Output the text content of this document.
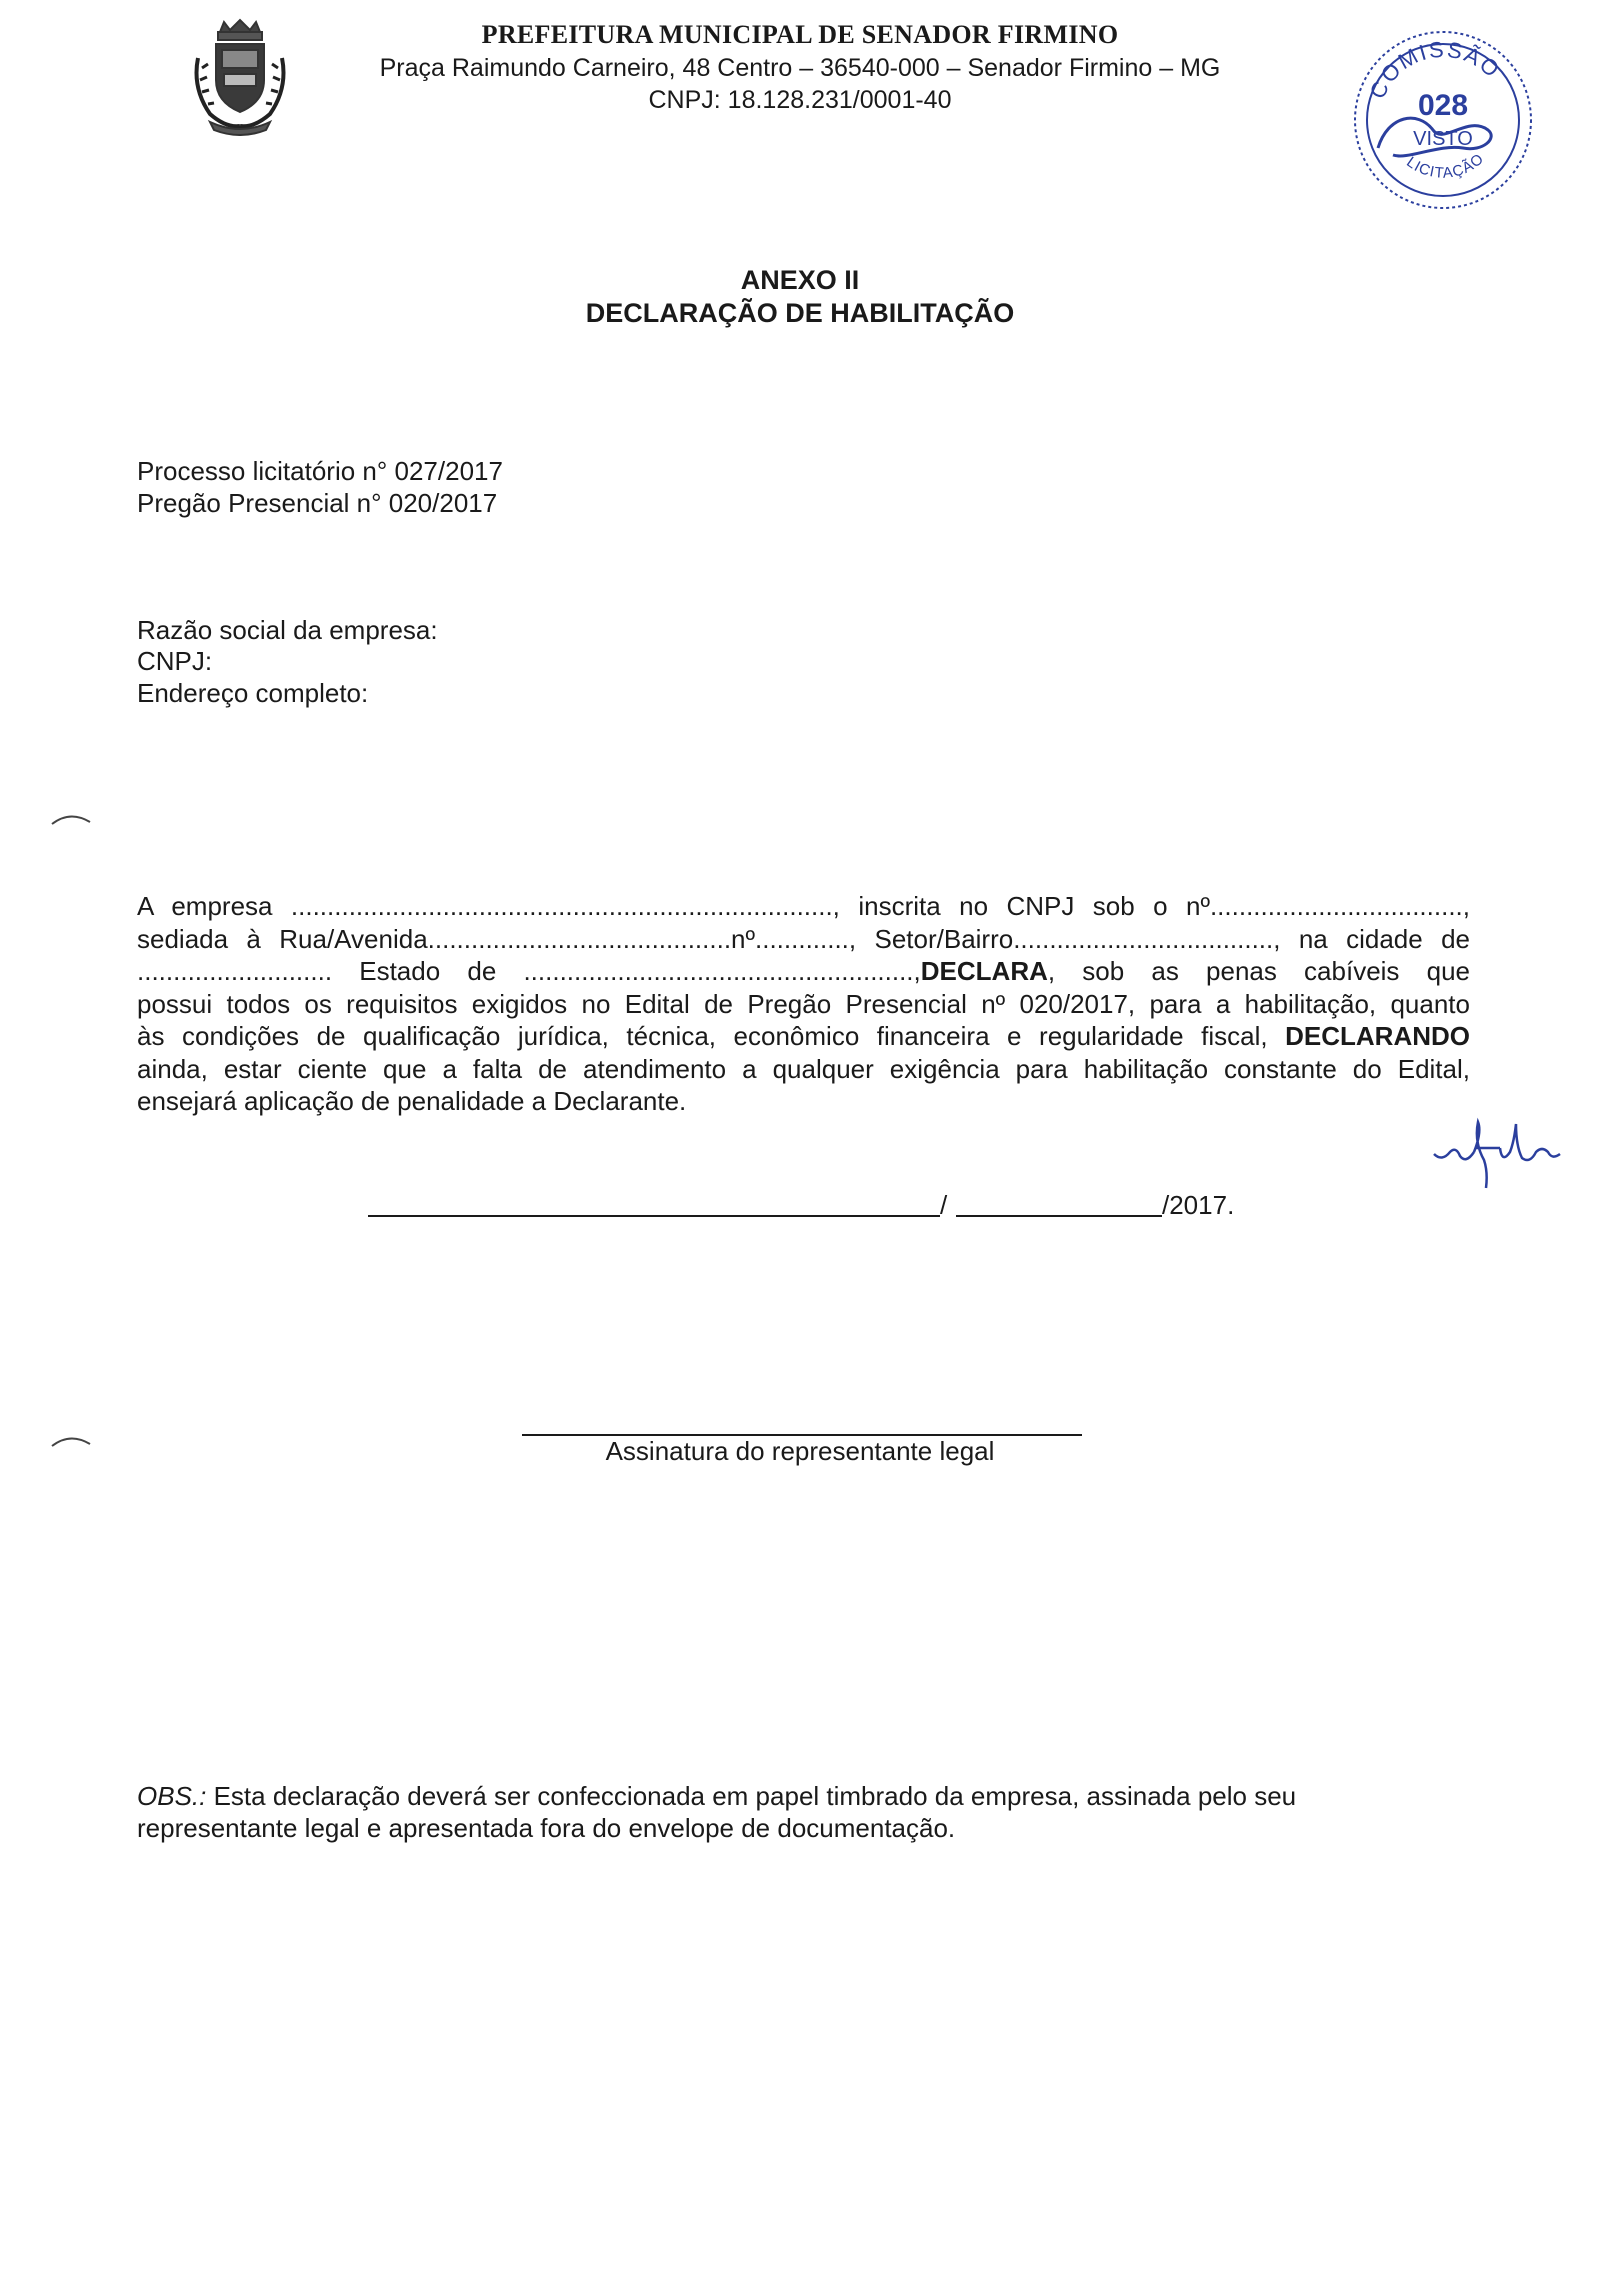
PREFEITURA MUNICIPAL DE SENADOR FIRMINO
Praça Raimundo Carneiro, 48 Centro – 36540-000 – Senador Firmino – MG
CNPJ: 18.128.231/0001-40	COMISSÃO
028
VISTO
LICITAÇÃO
ANEXO II
DECLARAÇÃO DE HABILITAÇÃO
Processo licitatório n° 027/2017
Pregão Presencial n° 020/2017
Razão social da empresa:
CNPJ:
Endereço completo:
A empresa ..........................................................................., inscrita no CNPJ sob o nº...................................,
sediada à Rua/Avenida..........................................nº............., Setor/Bairro...................................., na cidade de
........................... Estado de ......................................................,DECLARA, sob as penas cabíveis que
possui todos os requisitos exigidos no Edital de Pregão Presencial nº 020/2017, para a habilitação, quanto
às condições de qualificação jurídica, técnica, econômico financeira e regularidade fiscal, DECLARANDO
ainda, estar ciente que a falta de atendimento a qualquer exigência para habilitação constante do Edital,
ensejará aplicação de penalidade a Declarante.
/	/2017.
Assinatura do representante legal
OBS.: Esta declaração deverá ser confeccionada em papel timbrado da empresa, assinada pelo seu representante legal e apresentada fora do envelope de documentação.
